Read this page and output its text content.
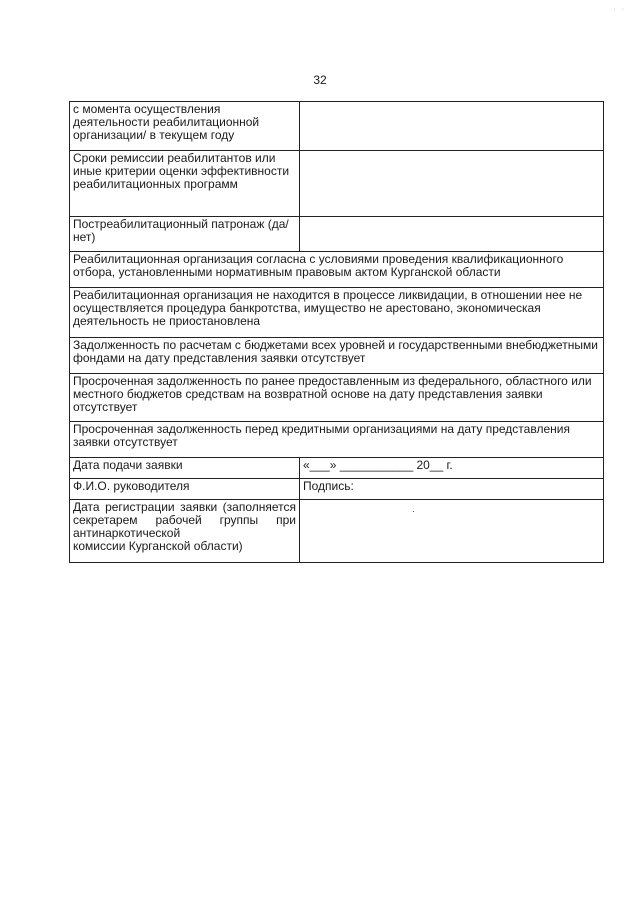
· ·
32
с момента осуществления деятельности реабилитационной организации/ в текущем году	
Сроки ремиссии реабилитантов или иные критерии оценки эффективности реабилитационных программ	
Постреабилитационный патронаж (да/нет)	
Реабилитационная организация согласна с условиями проведения квалификационного отбора, установленными нормативным правовым актом Курганской области	
Реабилитационная организация не находится в процессе ликвидации, в отношении нее не осуществляется процедура банкротства, имущество не арестовано, экономическая деятельность не приостановлена	
Задолженность по расчетам с бюджетами всех уровней и государственными внебюджетными фондами на дату представления заявки отсутствует	
Просроченная задолженность по ранее предоставленным из федерального, областного или местного бюджетов средствам на возвратной основе на дату представления заявки отсутствует	
Просроченная задолженность перед кредитными организациями на дату представления заявки отсутствует	
Дата подачи заявки	«___» ___________ 20__ г.
Ф.И.О. руководителя	Подпись:
Дата регистрации заявки (заполняется секретарем рабочей группы при антинаркотической
комиссии Курганской области)	
